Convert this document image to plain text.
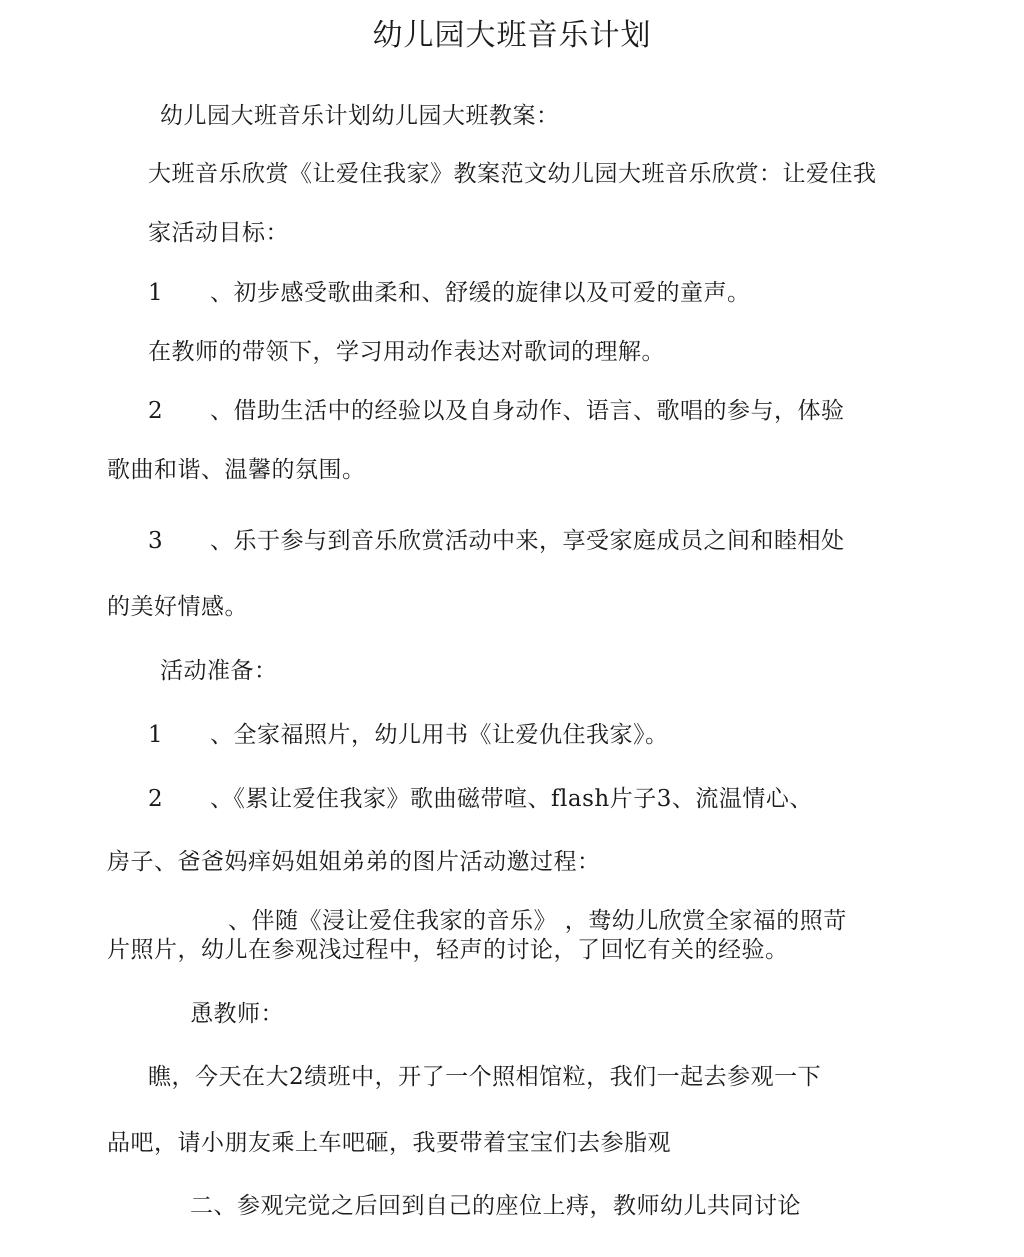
幼儿园大班音乐计划
幼儿园大班音乐计划幼儿园大班教案：
大班音乐欣赏《让爱住我家》教案范文幼儿园大班音乐欣赏：让爱住我
家活动目标：
1 、初步感受歌曲柔和、舒缓的旋律以及可爱的童声。
在教师的带领下，学习用动作表达对歌词的理解。
2 、借助生活中的经验以及自身动作、语言、歌唱的参与，体验
歌曲和谐、温馨的氛围。
3 、乐于参与到音乐欣赏活动中来，享受家庭成员之间和睦相处
的美好情感。
活动准备：
1 、全家福照片，幼儿用书《让爱仇住我家》。
2 、《累让爱住我家》歌曲磁带喧、flash片子3、流温情心、
房子、爸爸妈痒妈姐姐弟弟的图片活动邀过程：
、伴随《浸让爱住我家的音乐》 ，鸯幼儿欣赏全家福的照苛
片照片，幼儿在参观浅过程中，轻声的讨论，了回忆有关的经验。
恿教师：
瞧，今天在大2绩班中，开了一个照相馆粒，我们一起去参观一下
品吧，请小朋友乘上车吧砸，我要带着宝宝们去参脂观
二、参观完觉之后回到自己的座位上痔，教师幼儿共同讨论
